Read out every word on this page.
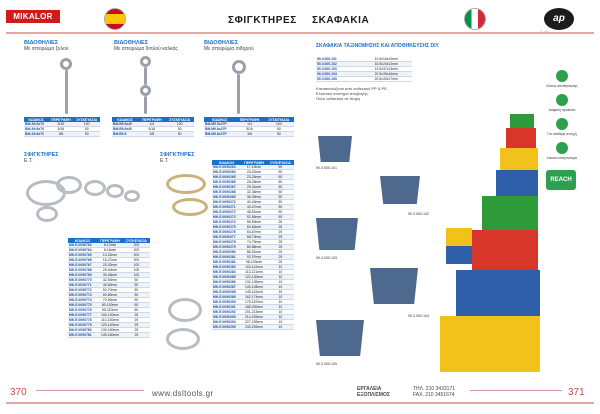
MIKALOR	ΣΦΙΓΚΤΗΡΕΣ ΣΚΑΦΑΚΙΑ	ap
ΒΙΔΟΘΗΛΙΕΣ
Με σπειρώμα ξυλού
ΚΩΔΙΚΟΣ	ΠΕΡΙΓΡΑΦΗ	ΣΥΣΚΕΥΑΣΙΑ
BM.A9.5x70	5/16	100
BM.A9.6x70	5/16	50
BM.A9.8x70	3/8	50
ΒΙΔΟΘΗΛΙΕΣ
Με σπειρώμα διπλού καλκάς
ΚΩΔΙΚΟΣ	ΠΕΡΙΓΡΑΦΗ	ΣΥΣΚΕΥΑΣΙΑ
BM.B9.5x40	1/4	100
BM.B9.6x40	5/16	50
BM.B9.8	3/8	50
ΒΙΔΟΘΗΛΙΕΣ
Με σπειρώμα σιδηρού
ΚΩΔΙΚΟΣ	ΠΕΡΙΓΡΑΦΗ	ΣΥΣΚΕΥΑΣΙΑ
BM.M9.5x27P	1/4	100
BM.M9.6x27P	5/16	50
BM.M9.8x27P	3/8	50
ΣΦΙΓΚΤΗΡΕΣ
Ε.Τ.
ΚΩΔΙΚΟΣ	ΠΕΡΙΓΡΑΦΗ	ΣΥΣΚΕΥΑΣΙΑ
MK.E.0090763	8-12mm	200
MK.E.0090764	8-16mm	200
MK.E.0090765	10-22mm	200
MK.E.0090766	16-27mm	200
MK.E.0090767	20-32mm	100
MK.E.0090768	25-40mm	100
MK.E.0090769	30-45mm	100
MK.E.0090770	32-50mm	50
MK.E.0090771	40-60mm	50
MK.E.0090772	50-70mm	50
MK.E.0090773	60-80mm	50
MK.E.0090774	70-90mm	50
MK.E.0090775	80-100mm	50
MK.E.0090776	90-110mm	50
MK.E.0090777	100-120mm	25
MK.E.0090778	110-130mm	25
MK.E.0090779	120-140mm	25
MK.E.0090780	130-150mm	25
MK.E.0090781	140-160mm	25
ΣΦΙΓΚΤΗΡΕΣ
Ε.Τ.	ΚΩΔΙΚΟΣ	ΠΕΡΙΓΡΑΦΗ	ΣΥΣΚΕΥΑΣΙΑ
MK.E.0090263	17-19mm	50
MK.E.0090264	20-22mm	50
MK.E.0090265	23-25mm	50
MK.E.0090266	26-28mm	50
MK.E.0090267	29-31mm	50
MK.E.0090268	32-35mm	50
MK.E.0090269	36-39mm	50
MK.E.0090270	40-43mm	50
MK.E.0090271	44-47mm	50
MK.E.0090272	48-51mm	50
MK.E.0090273	52-55mm	50
MK.E.0090274	56-59mm	25
MK.E.0090275	60-63mm	25
MK.E.0090276	64-67mm	25
MK.E.0090277	68-73mm	25
MK.E.0090278	74-79mm	25
MK.E.0090279	80-85mm	25
MK.E.0090280	86-91mm	25
MK.E.0090281	92-97mm	25
MK.E.0090282	98-103mm	25
MK.E.0090283	104-112mm	10
MK.E.0090284	113-121mm	10
MK.E.0090285	122-130mm	10
MK.E.0090286	131-139mm	10
MK.E.0090287	140-148mm	10
MK.E.0090288	149-161mm	10
MK.E.0090289	162-174mm	10
MK.E.0090290	175-187mm	10
MK.E.0090291	188-200mm	10
MK.E.0090292	201-213mm	10
MK.E.0090293	214-226mm	10
MK.E.0090294	227-239mm	10
MK.E.0090295	240-252mm	10
ΣΚΑΦΑΚΙΑ ΤΑΞΙΝΟΜΗΣΗΣ ΚΑΙ ΑΠΟΘΗΚΕΥΣΗΣ DIY
90.3.000.101	10.5x16x10mm
90.3.000.102	16.5x24x12mm
90.3.000.103	14.5x37x13mm
90.3.000.104	20.5x33x16mm
90.3.000.105	20.5x40x17mm
Κατασκευάζεται από ανθεκτικό PP & PE.
Ελαστικό σύστημα στοιβαγής.
Πολύ ανθεκτικό σε θλιψη
90.3.000.101
90.3.000.102
90.3.000.103
90.3.000.104
90.3.000.105
Λύσεις αποθήκευσης
Ασφαλή προϊόντα
Για σταθερή αντοχή
εύκολα αναγνώσιμα
REACH
370	www.dsltools.gr	ΕΡΓΑΛΕΙΑ
ΕΞΟΠΛΙΣΜΟΣ
ΤΗΛ. 210 3433171
FAX. 210 3451674	371
